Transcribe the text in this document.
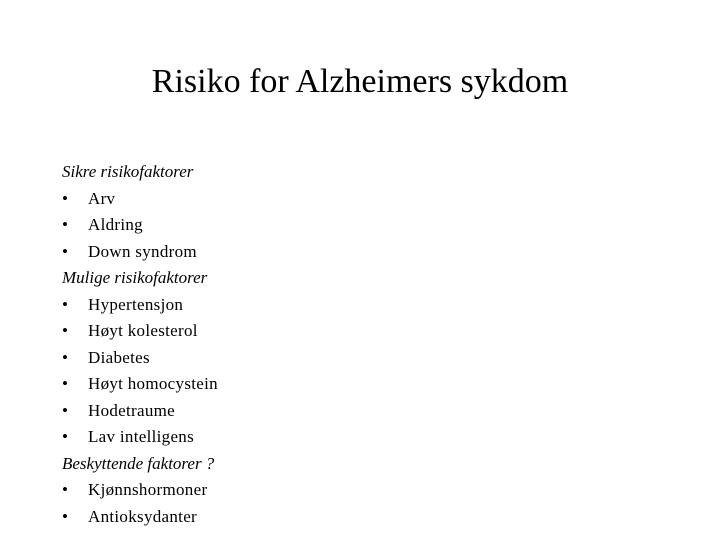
Risiko for Alzheimers sykdom

Sikre risikofaktorer

•	Arv
•	Aldring
•	Down syndrom

Mulige risikofaktorer

•	Hypertensjon
•	Høyt kolesterol
•	Diabetes
•	Høyt homocystein
•	Hodetraume
•	Lav intelligens

Beskyttende faktorer ?

•	Kjønnshormoner
•	Antioksydanter
